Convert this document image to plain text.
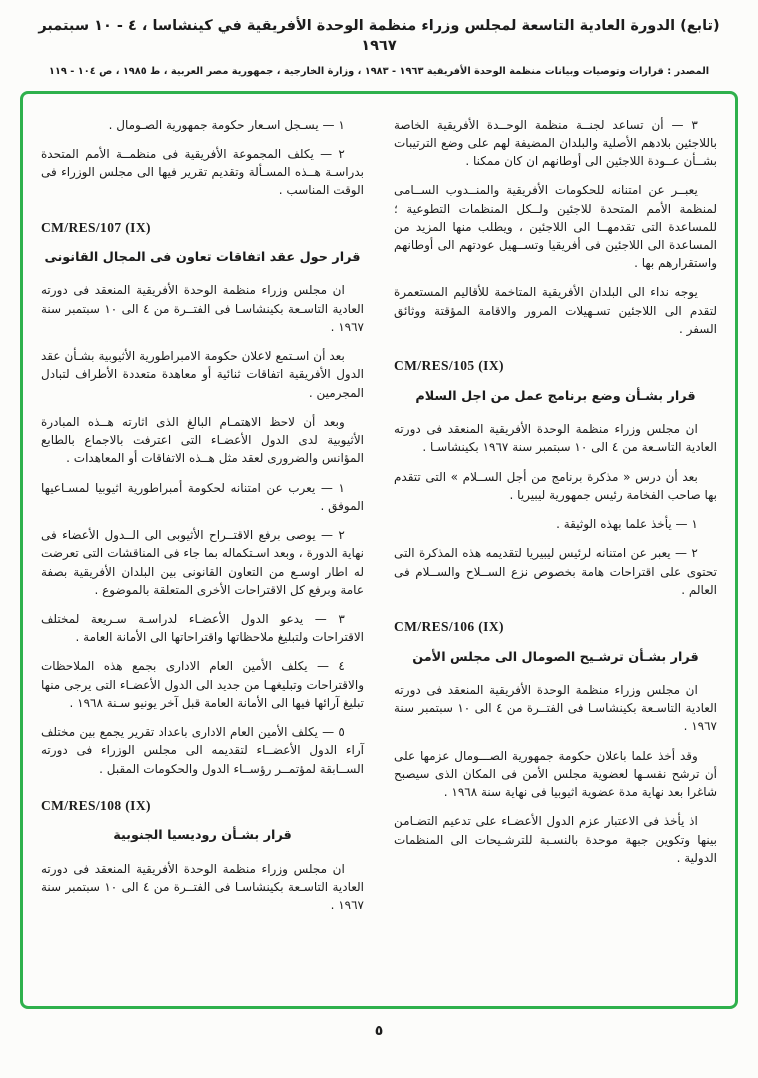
(تابع) الدورة العادية التاسعة لمجلس وزراء منظمة الوحدة الأفريقية في كينشاسا ، ٤ - ١٠ سبتمبر ١٩٦٧
المصدر : قرارات وتوصيات وبيانات منظمة الوحدة الأفريقية ١٩٦٣ - ١٩٨٣ ، وزارة الخارجية ، جمهورية مصر العربية ، ط ١٩٨٥ ، ص ١٠٤ - ١١٩

٣ — أن تساعد لجنــة منظمة الوحــدة الأفريقية الخاصة باللاجئين بلادهم الأصلية والبلدان المضيفة لهم على وضع الترتيبات بشــأن عــودة اللاجئين الى أوطانهم ان كان ممكنا .

يعبــر عن امتنانه للحكومات الأفريقية والمنــدوب الســامى لمنظمة الأمم المتحدة للاجئين ولــكل المنظمات التطوعية ؛ للمساعدة التى تقدمهــا الى اللاجئين ، ويطلب منها المزيد من المساعدة الى اللاجئين فى أفريقيا وتســهيل عودتهم الى أوطانهم واستقرارهم بها .

يوجه نداء الى البلدان الأفريقية المتاخمة للأقاليم المستعمرة لتقدم الى اللاجئين تسـهيلات المرور والاقامة المؤقتة ووثائق السفر .

CM/RES/105 (IX)
قرار بشـأن وضع برنامج عمل من اجل السلام

ان مجلس وزراء منظمة الوحدة الأفريقية المنعقد فى دورته العادية التاسـعة من ٤ الى ١٠ سبتمبر سنة ١٩٦٧ بكينشاسـا .

بعد أن درس « مذكرة برنامج من أجل الســلام » التى تتقدم بها صاحب الفخامة رئيس جمهورية ليبيريا .

١ — يأخذ علما بهذه الوثيقة .

٢ — يعبر عن امتنانه لرئيس ليبيريا لتقديمه هذه المذكرة التى تحتوى على اقتراحات هامة بخصوص نزع الســلاح والســلام فى العالم .

CM/RES/106 (IX)
قرار بشـأن ترشـيح الصومال الى مجلس الأمن

ان مجلس وزراء منظمة الوحدة الأفريقية المنعقد فى دورته العادية التاسـعة بكينشاسـا فى الفتــرة من ٤ الى ١٠ سبتمبر سنة ١٩٦٧ .

وقد أخذ علما باعلان حكومة جمهورية الصـــومال عزمها على أن ترشح نفسـها لعضوية مجلس الأمن فى المكان الذى سيصبح شاغرا بعد نهاية مدة عضوية اثيوبيا فى نهاية سنة ١٩٦٨ .

اذ يأخذ فى الاعتبار عزم الدول الأعضـاء على تدعيم التضـامن بينها وتكوين جبهة موحدة بالنسـبة للترشـيحات الى المنظمات الدولية .

١ — يسـجل اسـعار حكومة جمهورية الصـومال .

٢ — يكلف المجموعة الأفريقية فى منظمــة الأمم المتحدة بدراسـة هــذه المسـألة وتقديم تقرير فيها الى مجلس الوزراء فى الوقت المناسب .

CM/RES/107 (IX)
قرار حول عقد اتفاقات تعاون فى المجال القانونى

ان مجلس وزراء منظمة الوحدة الأفريقية المنعقد فى دورته العادية التاسـعة بكينشاسـا فى الفتــرة من ٤ الى ١٠ سبتمبر سنة ١٩٦٧ .

بعد أن اسـتمع لاعلان حكومة الامبراطورية الأثيوبية بشـأن عقد الدول الأفريقية اتفاقات ثنائية أو معاهدة متعددة الأطراف لتبادل المجرمين .

وبعد أن لاحظ الاهتمـام البالغ الذى اثارته هــذه المبادرة الأثيوبية لدى الدول الأعضـاء التى اعترفت بالاجماع بالطابع المؤانس والضرورى لعقد مثل هــذه الاتفاقات أو المعاهدات .

١ — يعرب عن امتنانه لحكومة أمبراطورية اثيوبيا لمسـاعيها الموفق .

٢ — يوصى برفع الاقتــراح الأثيوبى الى الــدول الأعضاء فى نهاية الدورة ، وبعد اسـتكماله بما جاء فى المناقشات التى تعرضت له اطار اوسـع من التعاون القانونى بين البلدان الأفريقية بصفة عامة وبرفع كل الاقتراحات الأخرى المتعلقة بالموضوع .

٣ — يدعو الدول الأعضـاء لدراسـة سـريعة لمختلف الاقتراحات ولتبليغ ملاحظاتها واقتراحاتها الى الأمانة العامة .

٤ — يكلف الأمين العام الادارى بجمع هذه الملاحظات والاقتراحات وتبليغهـا من جديد الى الدول الأعضـاء التى يرجى منها تبليغ آرائها فيها الى الأمانة العامة قبل آخر يونيو سـنة ١٩٦٨ .

٥ — يكلف الأمين العام الادارى باعداد تقرير يجمع بين مختلف آراء الدول الأعضــاء لتقديمه الى مجلس الوزراء فى دورته الســابقة لمؤتمــر رؤســاء الدول والحكومات المقبل .

CM/RES/108 (IX)
قرار بشـأن روديسيا الجنوبية

ان مجلس وزراء منظمة الوحدة الأفريقية المنعقد فى دورته العادية التاسـعة بكينشاسـا فى الفتــرة من ٤ الى ١٠ سبتمبر سنة ١٩٦٧ .

٥
